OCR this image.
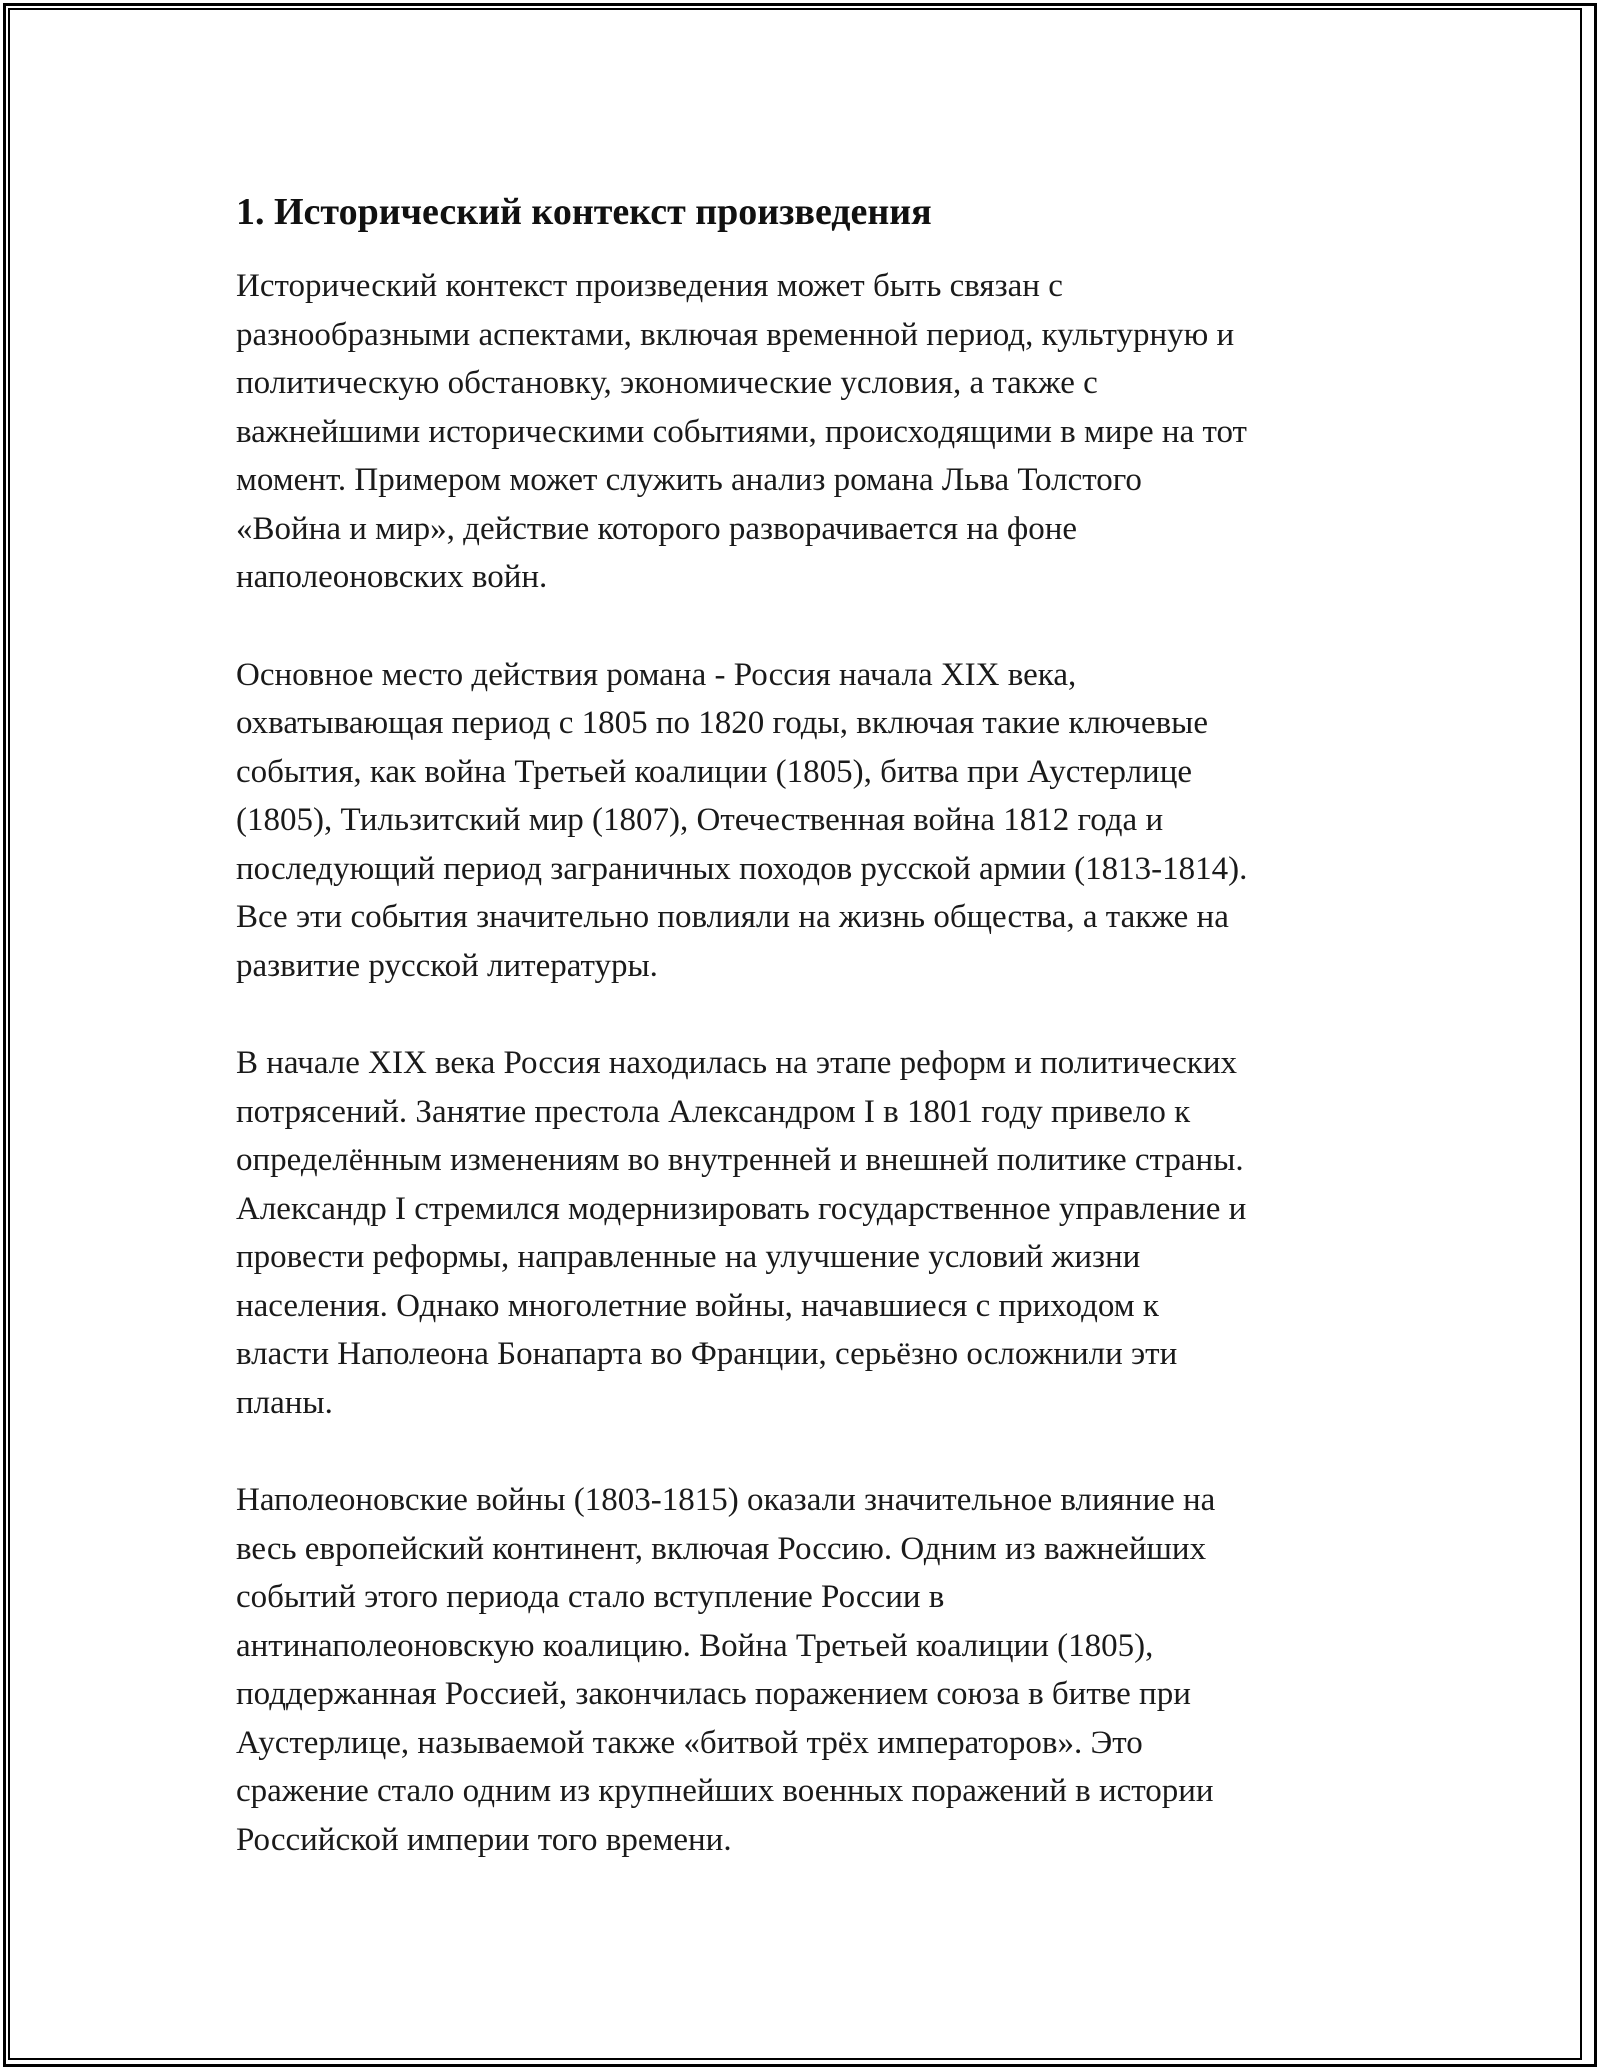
1. Исторический контекст произведения

Исторический контекст произведения может быть связан с
разнообразными аспектами, включая временной период, культурную и
политическую обстановку, экономические условия, а также с
важнейшими историческими событиями, происходящими в мире на тот
момент. Примером может служить анализ романа Льва Толстого
«Война и мир», действие которого разворачивается на фоне
наполеоновских войн.

Основное место действия романа - Россия начала XIX века,
охватывающая период с 1805 по 1820 годы, включая такие ключевые
события, как война Третьей коалиции (1805), битва при Аустерлице
(1805), Тильзитский мир (1807), Отечественная война 1812 года и
последующий период заграничных походов русской армии (1813-1814).
Все эти события значительно повлияли на жизнь общества, а также на
развитие русской литературы.

В начале XIX века Россия находилась на этапе реформ и политических
потрясений. Занятие престола Александром I в 1801 году привело к
определённым изменениям во внутренней и внешней политике страны.
Александр I стремился модернизировать государственное управление и
провести реформы, направленные на улучшение условий жизни
населения. Однако многолетние войны, начавшиеся с приходом к
власти Наполеона Бонапарта во Франции, серьёзно осложнили эти
планы.

Наполеоновские войны (1803-1815) оказали значительное влияние на
весь европейский континент, включая Россию. Одним из важнейших
событий этого периода стало вступление России в
антинаполеоновскую коалицию. Война Третьей коалиции (1805),
поддержанная Россией, закончилась поражением союза в битве при
Аустерлице, называемой также «битвой трёх императоров». Это
сражение стало одним из крупнейших военных поражений в истории
Российской империи того времени.
